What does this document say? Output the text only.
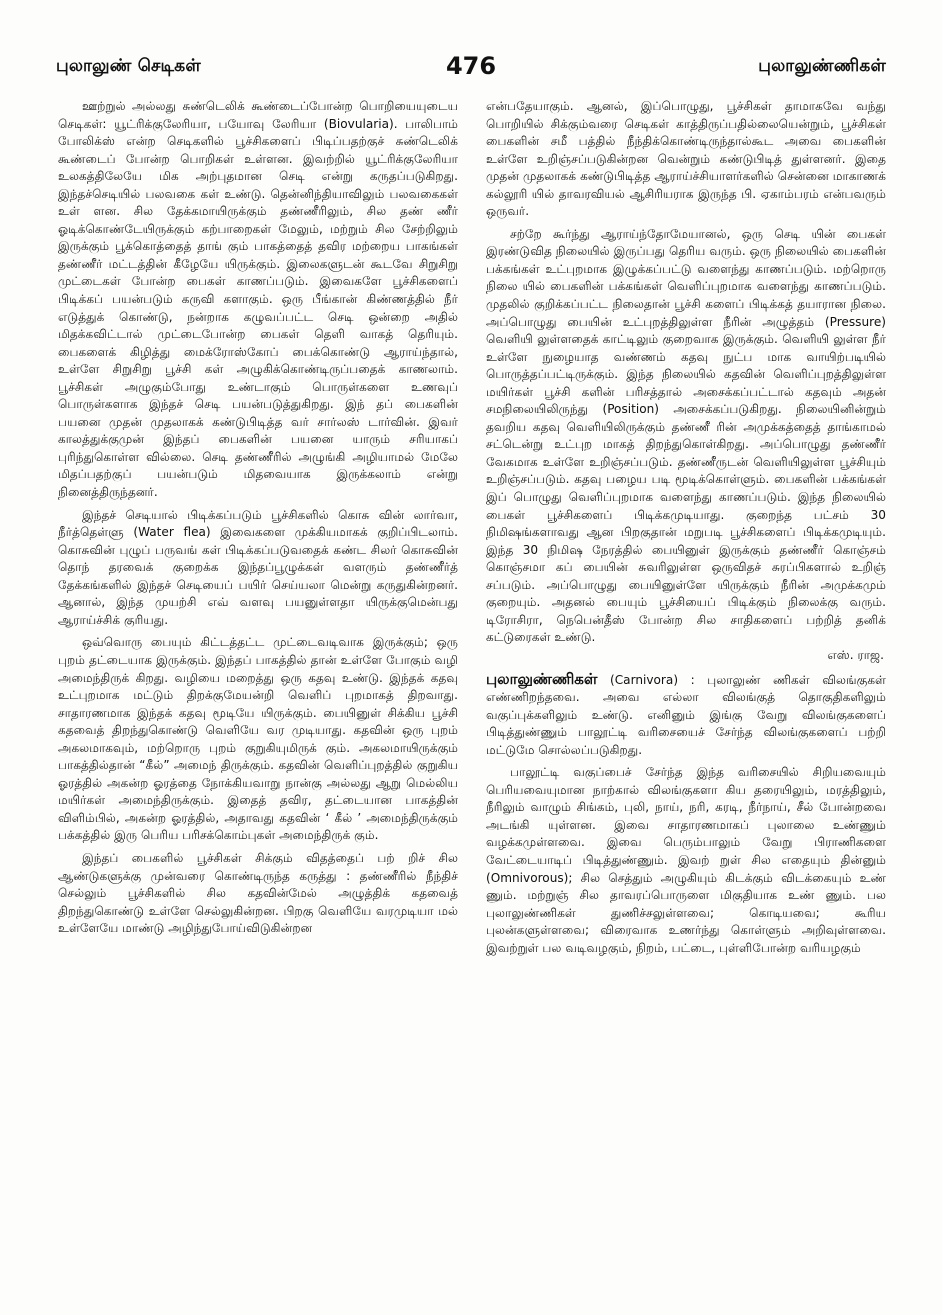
புலாலுண் செடிகள்	476	புலாலுண்ணிகள்

ஊற்றுல் அல்லது சுண்டெலிக் கூண்டைப்போன்ற பொறியையுடைய செடிகள்: யூட்ரிக்குலேரியா, பயோவு லேரியா (Biovularia). பாலிபாம் போலிக்ஸ் என்ற செடிகளில் பூச்சிகளைப் பிடிப்பதற்குச் சுண்டெலிக் கூண்டைப் போன்ற பொறிகள் உள்ளன. இவற்றில் யூட்ரிக்குலேரியா உலகத்திலேயே மிக அற்புதமான செடி என்று கருதப்படுகிறது. இந்தச்செடியில் பலவகை கள் உண்டு. தென்னிந்தியாவிலும் பலவகைகள் உள் ளன. சில தேக்கமாயிருக்கும் தண்ணீரிலும், சில தண் ணீர் ஓடிக்கொண்டேயிருக்கும் கற்பாறைகள் மேலும், மற்றும் சில சேற்றிலும் இருக்கும் பூக்கொத்தைத் தாங் கும் பாகத்தைத் தவிர மற்றைய பாகங்கள் தண்ணீர் மட்டத்தின் கீழேயே யிருக்கும். இலைகளுடன் கூடவே சிறுசிறு முட்டைகள் போன்ற பைகள் காணப்படும். இவைகளே பூச்சிகளைப் பிடிக்கப் பயன்படும் கருவி களாகும். ஒரு பீங்கான் கிண்ணத்தில் நீர் எடுத்துக் கொண்டு, நன்றாக கழுவப்பட்ட செடி ஒன்றை அதில் மிதக்கவிட்டால் முட்டைபோன்ற பைகள் தெளி வாகத் தெரியும். பைகளைக் கிழித்து மைக்ரோஸ்கோப் பைக்கொண்டு ஆராய்ந்தால், உள்ளே சிறுசிறு பூச்சி கள் அழுகிக்கொண்டிருப்பதைக் காணலாம். பூச்சிகள் அழுகும்போது உண்டாகும் பொருள்களை உணவுப் பொருள்களாக இந்தச் செடி பயன்படுத்துகிறது. இந் தப் பைகளின் பயனை முதன் முதலாகக் கண்டுபிடித்த வர் சார்லஸ் டார்வின். இவர் காலத்துக்குமுன் இந்தப் பைகளின் பயனை யாரும் சரியாகப் புரிந்துகொள்ள வில்லை. செடி தண்ணீரில் அழுங்கி அழியாமல் மேலே மிதப்பதற்குப் பயன்படும் மிதவையாக இருக்கலாம் என்று நினைத்திருந்தனர்.

இந்தச் செடியால் பிடிக்கப்படும் பூச்சிகளில் கொசு வின் லார்வா, நீர்த்தெள்ளு (Water flea) இவைகளை முக்கியமாகக் குறிப்பிடலாம். கொசுவின் புழுப் பருவங் கள் பிடிக்கப்படுவதைக் கண்ட சிலர் கொசுவின் தொந் தரவைக் குறைக்க இந்தப்பூழுக்கள் வளரும் தண்ணீர்த் தேக்கங்களில் இந்தச் செடியைப் பயிர் செய்யலா மென்று கருதுகின்றனர். ஆனால், இந்த முயற்சி எவ் வளவு பயனுள்ளதா யிருக்குமென்பது ஆராய்ச்சிக் குரியது.

ஒவ்வொரு பையும் கிட்டத்தட்ட முட்டைவடிவாக இருக்கும்; ஒரு புறம் தட்டையாக இருக்கும். இந்தப் பாகத்தில் தான் உள்ளே போகும் வழி அமைந்திருக் கிறது. வழியை மறைத்து ஒரு கதவு உண்டு. இந்தக் கதவு உட்புறமாக மட்டும் திறக்குமேயன்றி வெளிப் புறமாகத் திறவாது. சாதாரணமாக இந்தக் கதவு மூடியே யிருக்கும். பையினுள் சிக்கிய பூச்சி கதவைத் திறந்துகொண்டு வெளியே வர முடியாது. கதவின் ஒரு புறம் அகலமாகவும், மற்றொரு புறம் குறுகியுமிருக் கும். அகலமாயிருக்கும் பாகத்தில்தான் “கீல்” அமைந் திருக்கும். கதவின் வெளிப்புறத்தில் குறுகிய ஓரத்தில் அகன்ற ஓரத்தை நோக்கியவாறு நான்கு அல்லது ஆறு மெல்லிய மயிர்கள் அமைந்திருக்கும். இதைத் தவிர, தட்டையான பாகத்தின் விளிம்பில், அகன்ற ஓரத்தில், அதாவது கதவின் ‘ கீல் ’ அமைந்திருக்கும் பக்கத்தில் இரு பெரிய பரிசக்கொம்புகள் அமைந்திருக் கும்.

இந்தப் பைகளில் பூச்சிகள் சிக்கும் விதத்தைப் பற் றிச் சில ஆண்டுகளுக்கு முன்வரை கொண்டிருந்த கருத்து : தண்ணீரில் நீந்திச் செல்லும் பூச்சிகளில் சில கதவின்மேல் அழுத்திக் கதவைத் திறந்துகொண்டு உள்ளே செல்லுகின்றன. பிறகு வெளியே வரமுடியா மல் உள்ளேயே மாண்டு அழிந்துபோய்விடுகின்றன

என்பதேயாகும். ஆனல், இப்பொழுது, பூச்சிகள் தாமாகவே வந்து பொறியில் சிக்கும்வரை செடிகள் காத்திருப்பதில்லையென்றும், பூச்சிகள் பைகளின் சமீ பத்தில் நீந்திக்கொண்டிருந்தால்கூட அவை பைகளின் உள்ளே உறிஞ்சப்படுகின்றன வென்றும் கண்டுபிடித் துள்ளனர். இதை முதன் முதலாகக் கண்டுபிடித்த ஆராய்ச்சியாளர்களில் சென்னை மாகாணக் கல்லூரி யில் தாவரவியல் ஆசிரியராக இருந்த பி. ஏகாம்பரம் என்பவரும் ஒருவர்.

சற்றே கூர்ந்து ஆராய்ந்தோமேயானல், ஒரு செடி யின் பைகள் இரண்டுவித நிலையில் இருப்பது தெரிய வரும். ஒரு நிலையில் பைகளின் பக்கங்கள் உட்புறமாக இழுக்கப்பட்டு வளைந்து காணப்படும். மற்றொரு நிலை யில் பைகளின் பக்கங்கள் வெளிப்புறமாக வளைந்து காணப்படும். முதலில் குறிக்கப்பட்ட நிலைதான் பூச்சி களைப் பிடிக்கத் தயாரான நிலை. அப்பொழுது பையின் உட்புறத்திலுள்ள நீரின் அழுத்தம் (Pressure) வெளியி லுள்ளதைக் காட்டிலும் குறைவாக இருக்கும். வெளியி லுள்ள நீர் உள்ளே நுழையாத வண்ணம் கதவு நுட்ப மாக வாயிற்படியில் பொருத்தப்பட்டிருக்கும். இந்த நிலையில் கதவின் வெளிப்புறத்திலுள்ள மயிர்கள் பூச்சி களின் பரிசத்தால் அசைக்கப்பட்டால் கதவும் அதன் சமநிலையிலிருந்து (Position) அசைக்கப்படுகிறது. நிலையினின்றும் தவறிய கதவு வெளியிலிருக்கும் தண்ணீ ரின் அமுக்கத்தைத் தாங்காமல் சட்டென்று உட்புற மாகத் திறந்துகொள்கிறது. அப்பொழுது தண்ணீர் வேகமாக உள்ளே உறிஞ்சப்படும். தண்ணீருடன் வெளியிலுள்ள பூச்சியும் உறிஞ்சப்படும். கதவு பழைய படி மூடிக்கொள்ளும். பைகளின் பக்கங்கள் இப் பொழுது வெளிப்புறமாக வளைந்து காணப்படும். இந்த நிலையில் பைகள் பூச்சிகளைப் பிடிக்கமுடியாது. குறைந்த பட்சம் 30 நிமிஷங்களாவது ஆன பிறகுதான் மறுபடி பூச்சிகளைப் பிடிக்கமுடியும். இந்த 30 நிமிஷ நேரத்தில் பையினுள் இருக்கும் தண்ணீர் கொஞ்சம் கொஞ்சமா கப் பையின் சுவரிலுள்ள ஒருவிதச் சுரப்பிகளால் உறிஞ் சப்படும். அப்பொழுது பையினுள்ளே யிருக்கும் நீரின் அமுக்கமும் குறையும். அதனல் பையும் பூச்சியைப் பிடிக்கும் நிலைக்கு வரும். டிரோசிரா, நெபென்தீஸ் போன்ற சில சாதிகளைப் பற்றித் தனிக் கட்டுரைகள் உண்டு.

எஸ். ராஜ.

புலாலுண்ணிகள் (Carnivora) : புலாலுண் ணிகள் விலங்குகள் எண்ணிறந்தவை. அவை எல்லா விலங்குத் தொகுதிகளிலும் வகுப்புக்களிலும் உண்டு. எனினும் இங்கு வேறு விலங்குகளைப் பிடித்துண்ணும் பாலூட்டி வரிசையைச் சேர்ந்த விலங்குகளைப் பற்றி மட்டுமே சொல்லப்படுகிறது.

பாலூட்டி வகுப்பைச் சேர்ந்த இந்த வரிசையில் சிறியவையும் பெரியவையுமான நாற்கால் விலங்குகளா கிய தரையிலும், மரத்திலும், நீரிலும் வாழும் சிங்கம், புலி, நாய், நரி, கரடி, நீர்நாய், சீல் போன்றவை அடங்கி யுள்ளன. இவை சாதாரணமாகப் புலாலை உண்ணும் வழக்கமுள்ளவை. இவை பெரும்பாலும் வேறு பிராணிகளை வேட்டையாடிப் பிடித்துண்ணும். இவற் றுள் சில எதையும் தின்னும் (Omnivorous); சில செத்தும் அழுகியும் கிடக்கும் விடக்கையும் உண் ணும். மற்றுஞ் சில தாவரப்பொருளை மிகுதியாக உண் ணும். பல புலாலுண்ணிகள் துணிச்சலுள்ளவை; கொடியவை; கூரிய புலன்களுள்ளவை; விரைவாக உணர்ந்து கொள்ளும் அறிவுள்ளவை. இவற்றுள் பல வடிவழகும், நிறம், பட்டை, புள்ளிபோன்ற வரியழகும்
